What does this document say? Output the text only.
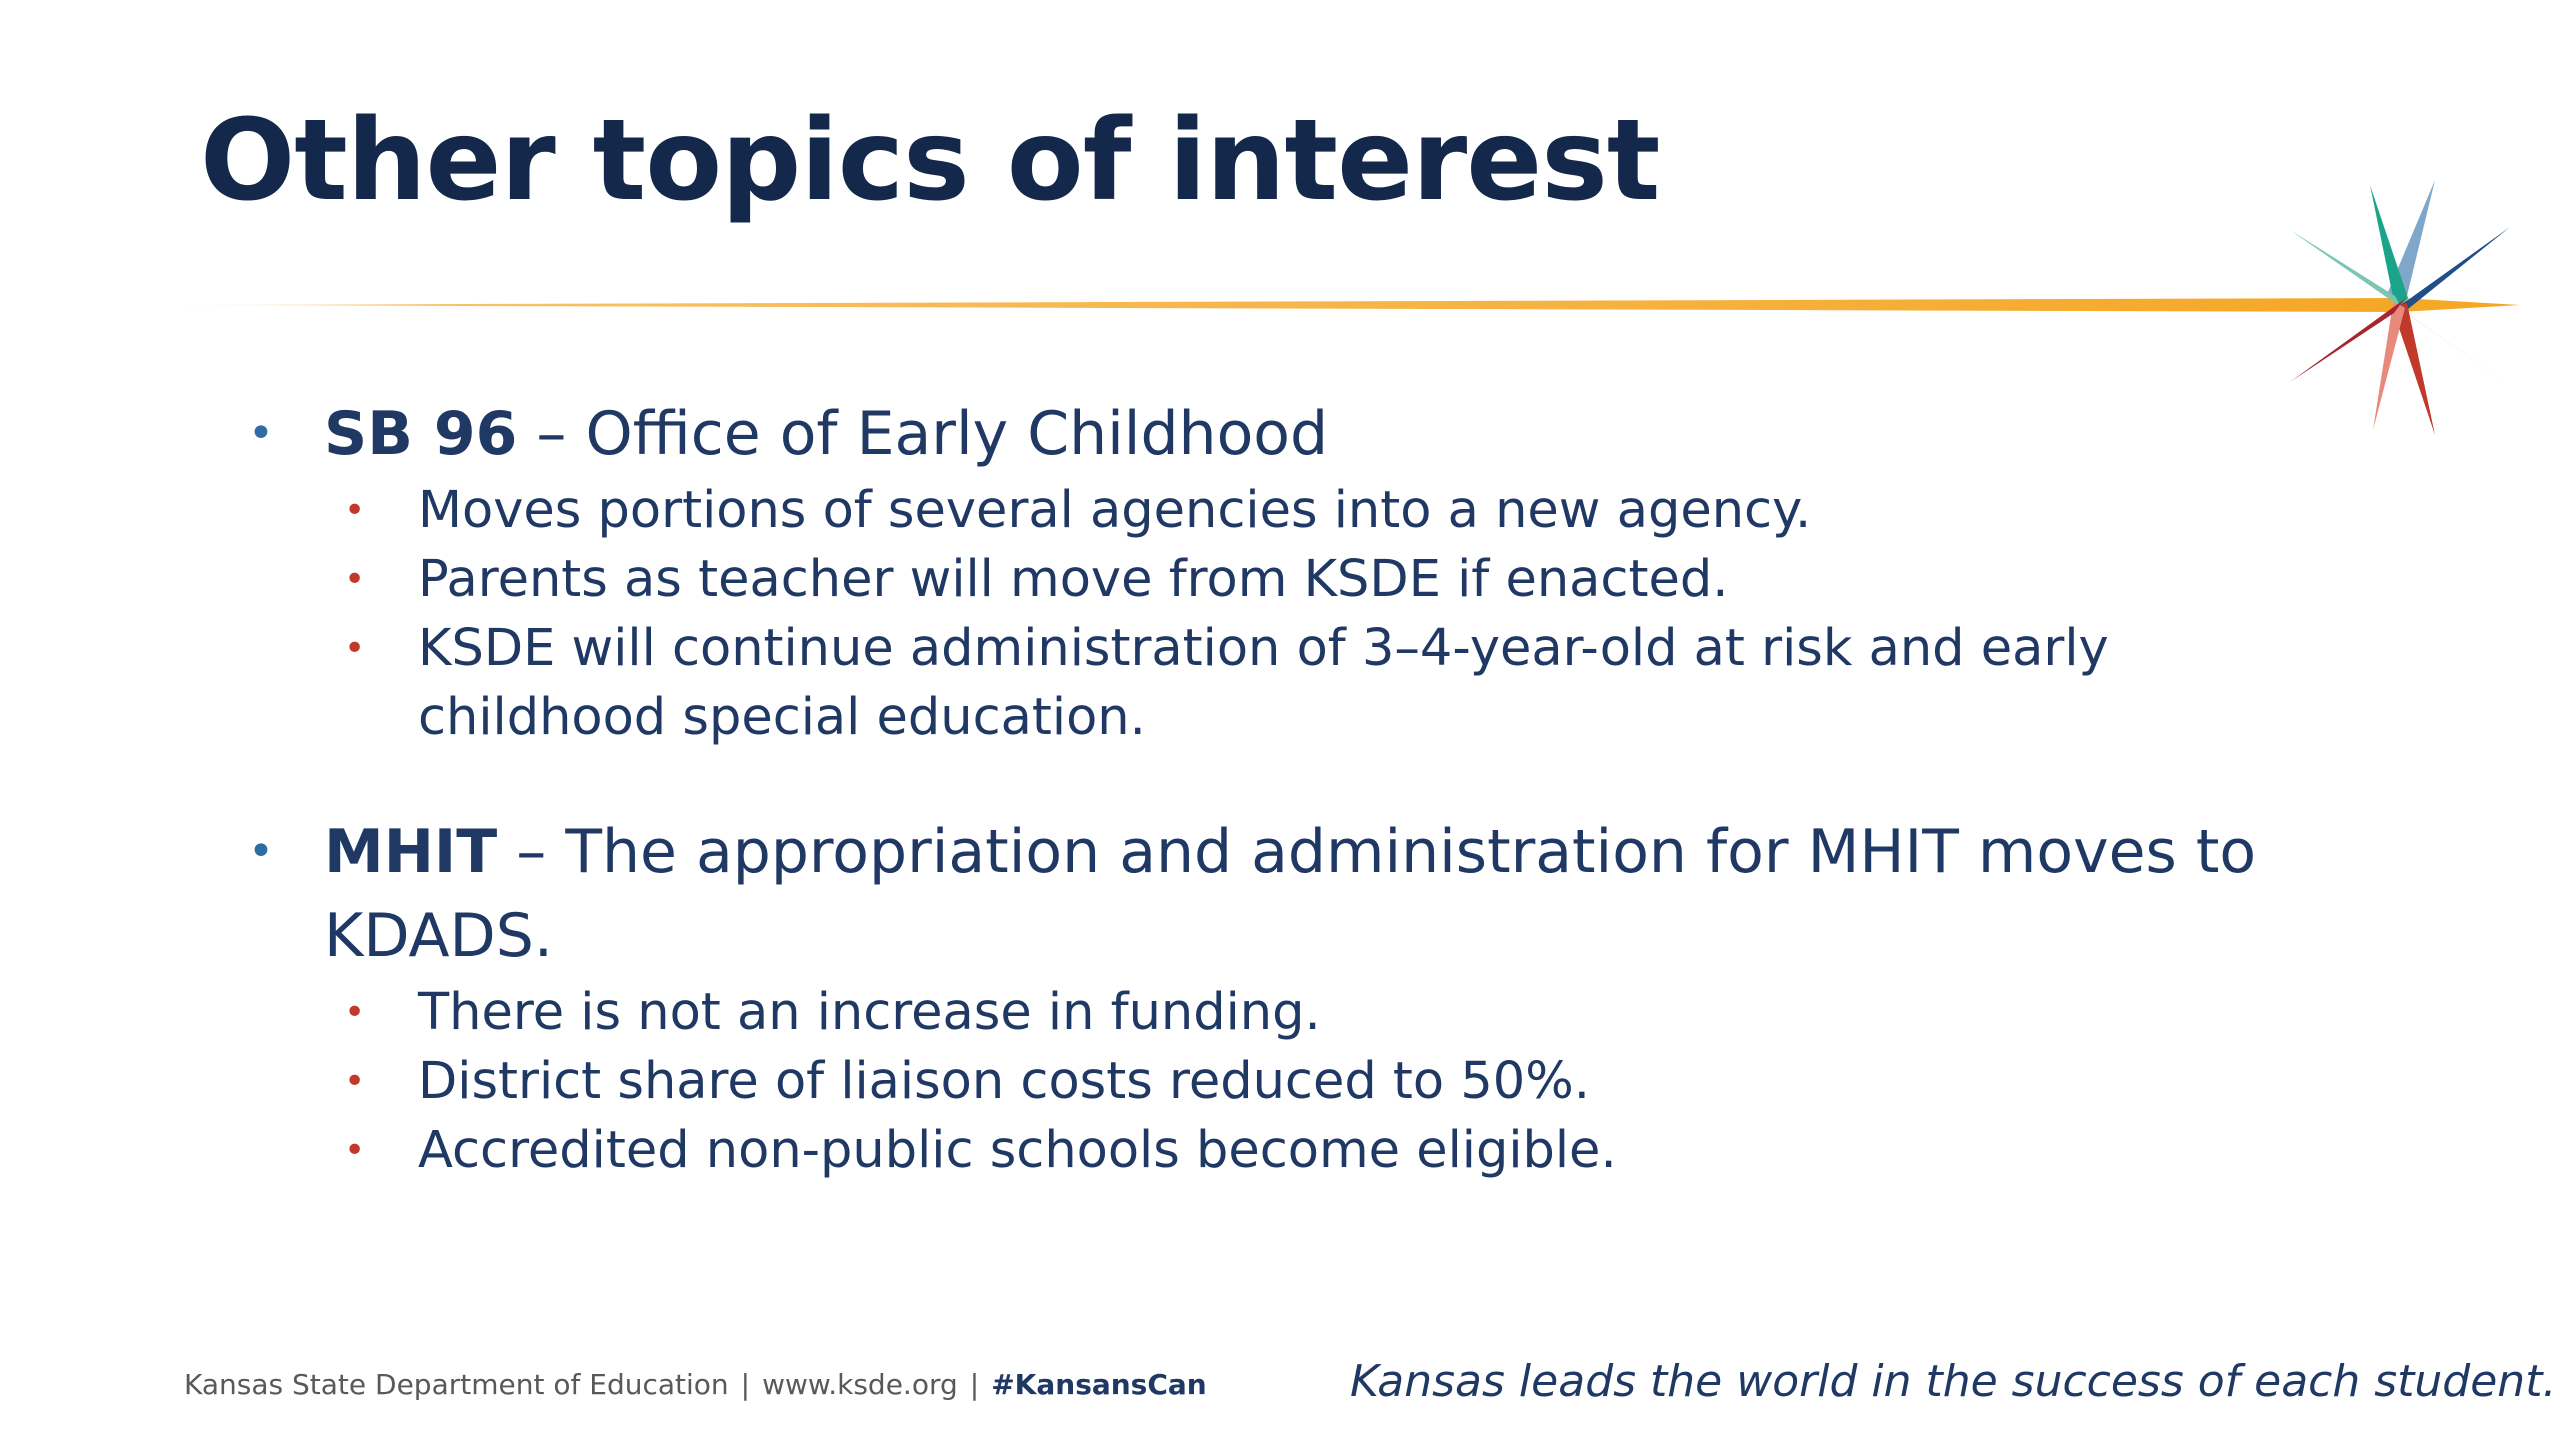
Other topics of interest
• SB 96 – Office of Early Childhood
• Moves portions of several agencies into a new agency.
• Parents as teacher will move from KSDE if enacted.
• KSDE will continue administration of 3–4-year-old at risk and early childhood special education.
• MHIT – The appropriation and administration for MHIT moves to KDADS.
• There is not an increase in funding.
• District share of liaison costs reduced to 50%.
• Accredited non-public schools become eligible.
Kansas State Department of Education | www.ksde.org | #KansansCan	Kansas leads the world in the success of each student.
